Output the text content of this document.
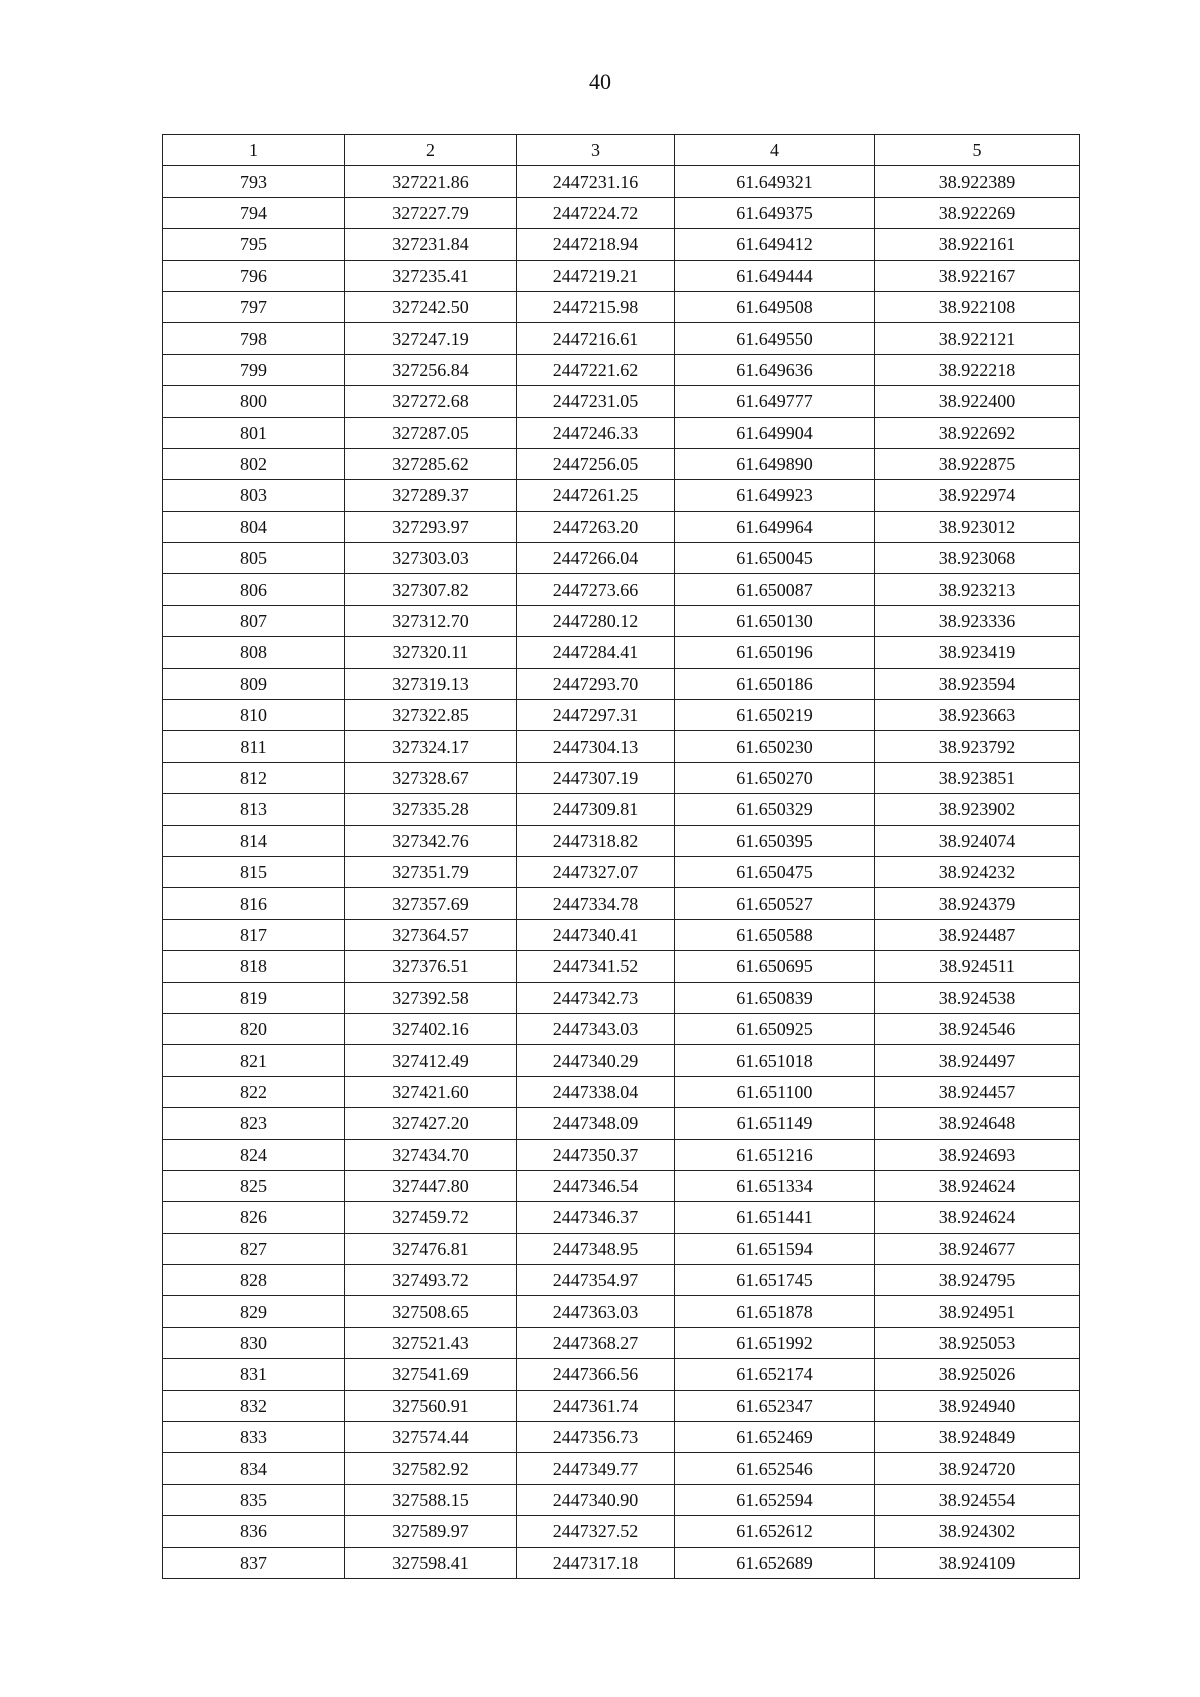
40
1	2	3	4	5
793	327221.86	2447231.16	61.649321	38.922389
794	327227.79	2447224.72	61.649375	38.922269
795	327231.84	2447218.94	61.649412	38.922161
796	327235.41	2447219.21	61.649444	38.922167
797	327242.50	2447215.98	61.649508	38.922108
798	327247.19	2447216.61	61.649550	38.922121
799	327256.84	2447221.62	61.649636	38.922218
800	327272.68	2447231.05	61.649777	38.922400
801	327287.05	2447246.33	61.649904	38.922692
802	327285.62	2447256.05	61.649890	38.922875
803	327289.37	2447261.25	61.649923	38.922974
804	327293.97	2447263.20	61.649964	38.923012
805	327303.03	2447266.04	61.650045	38.923068
806	327307.82	2447273.66	61.650087	38.923213
807	327312.70	2447280.12	61.650130	38.923336
808	327320.11	2447284.41	61.650196	38.923419
809	327319.13	2447293.70	61.650186	38.923594
810	327322.85	2447297.31	61.650219	38.923663
811	327324.17	2447304.13	61.650230	38.923792
812	327328.67	2447307.19	61.650270	38.923851
813	327335.28	2447309.81	61.650329	38.923902
814	327342.76	2447318.82	61.650395	38.924074
815	327351.79	2447327.07	61.650475	38.924232
816	327357.69	2447334.78	61.650527	38.924379
817	327364.57	2447340.41	61.650588	38.924487
818	327376.51	2447341.52	61.650695	38.924511
819	327392.58	2447342.73	61.650839	38.924538
820	327402.16	2447343.03	61.650925	38.924546
821	327412.49	2447340.29	61.651018	38.924497
822	327421.60	2447338.04	61.651100	38.924457
823	327427.20	2447348.09	61.651149	38.924648
824	327434.70	2447350.37	61.651216	38.924693
825	327447.80	2447346.54	61.651334	38.924624
826	327459.72	2447346.37	61.651441	38.924624
827	327476.81	2447348.95	61.651594	38.924677
828	327493.72	2447354.97	61.651745	38.924795
829	327508.65	2447363.03	61.651878	38.924951
830	327521.43	2447368.27	61.651992	38.925053
831	327541.69	2447366.56	61.652174	38.925026
832	327560.91	2447361.74	61.652347	38.924940
833	327574.44	2447356.73	61.652469	38.924849
834	327582.92	2447349.77	61.652546	38.924720
835	327588.15	2447340.90	61.652594	38.924554
836	327589.97	2447327.52	61.652612	38.924302
837	327598.41	2447317.18	61.652689	38.924109
